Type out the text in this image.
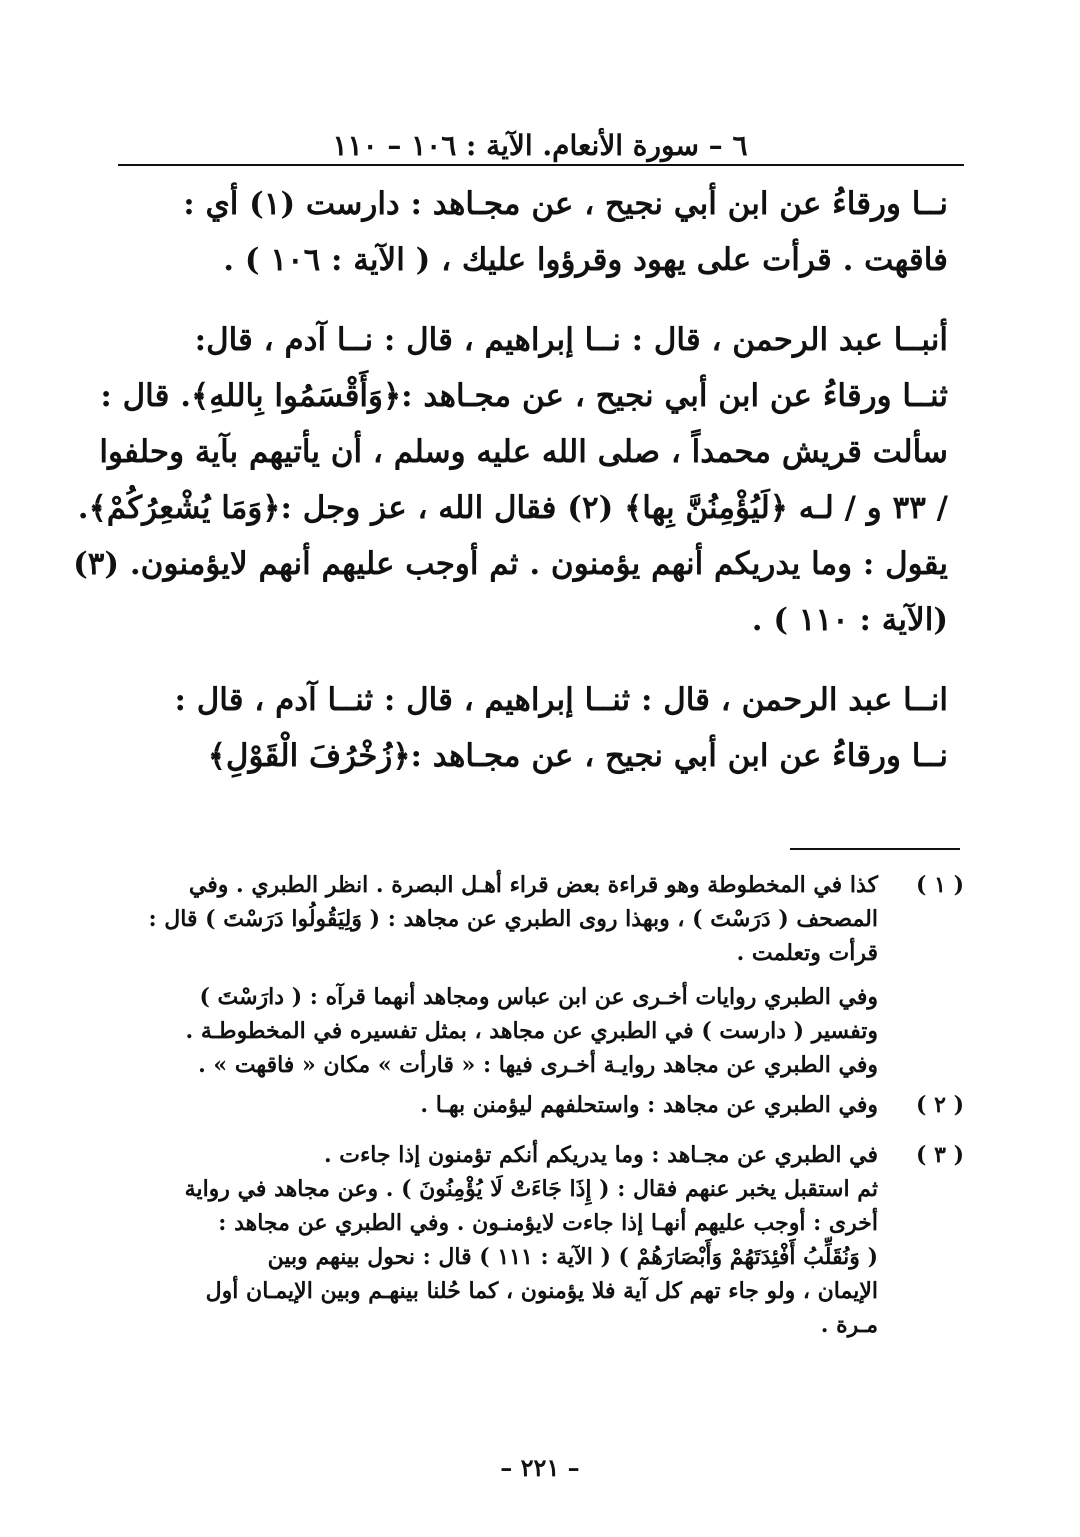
٦ – سورة الأنعام. الآية : ١٠٦ – ١١٠
نــا ورقاءُ عن ابن أبي نجيح ، عن مجـاهد : دارست (١) أي :
فاقهت . قرأت على يهود وقرؤوا عليك ، ( الآية : ١٠٦ ) .
أنبــا عبد الرحمن ، قال : نــا إبراهيم ، قال : نــا آدم ، قال:
ثنــا ورقاءُ عن ابن أبي نجيح ، عن مجـاهد :﴿وَأَقْسَمُوا بِاللهِ﴾. قال :
سألت قريش محمداً ، صلى الله عليه وسلم ، أن يأتيهم بآية وحلفوا
/ ٣٣ و / لـه ﴿لَيُؤْمِنُنَّ بِها﴾ (٢) فقال الله ، عز وجل :﴿وَمَا يُشْعِرُكُمْ﴾.
يقول : وما يدريكم أنهم يؤمنون . ثم أوجب عليهم أنهم لايؤمنون. (٣)
(الآية : ١١٠ ) .
انــا عبد الرحمن ، قال : ثنــا إبراهيم ، قال : ثنــا آدم ، قال :
نــا ورقاءُ عن ابن أبي نجيح ، عن مجـاهد :﴿زُخْرُفَ الْقَوْلِ﴾
( ١ )
كذا في المخطوطة وهو قراءة بعض قراء أهـل البصرة . انظر الطبري . وفي
المصحف ( دَرَسْتَ ) ، وبهذا روى الطبري عن مجاهد : ( وَلِيَقُولُوا دَرَسْتَ ) قال :
قرأت وتعلمت .
وفي الطبري روايات أخـرى عن ابن عباس ومجاهد أنهما قرآه : ( دارَسْتَ )
وتفسير ( دارست ) في الطبري عن مجاهد ، بمثل تفسيره في المخطوطـة .
وفي الطبري عن مجاهد روايـة أخـرى فيها : « قارأت » مكان « فاقهت » .
( ٢ )
وفي الطبري عن مجاهد : واستحلفهم ليؤمنن بهـا .
( ٣ )
في الطبري عن مجـاهد : وما يدريكم أنكم تؤمنون إذا جاءت .
ثم استقبل يخبر عنهم فقال : ( إِذَا جَاءَتْ لَا يُؤْمِنُونَ ) . وعن مجاهد في رواية
أخرى : أوجب عليهم أنهـا إذا جاءت لايؤمنـون . وفي الطبري عن مجاهد :
( وَنُقَلِّبُ أَفْئِدَتَهُمْ وَأَبْصَارَهُمْ ) ( الآية : ١١١ ) قال : نحول بينهم وبين
الإيمان ، ولو جاء تهم كل آية فلا يؤمنون ، كما حُلنا بينهـم وبين الإيمـان أول
مـرة .
– ٢٢١ –
